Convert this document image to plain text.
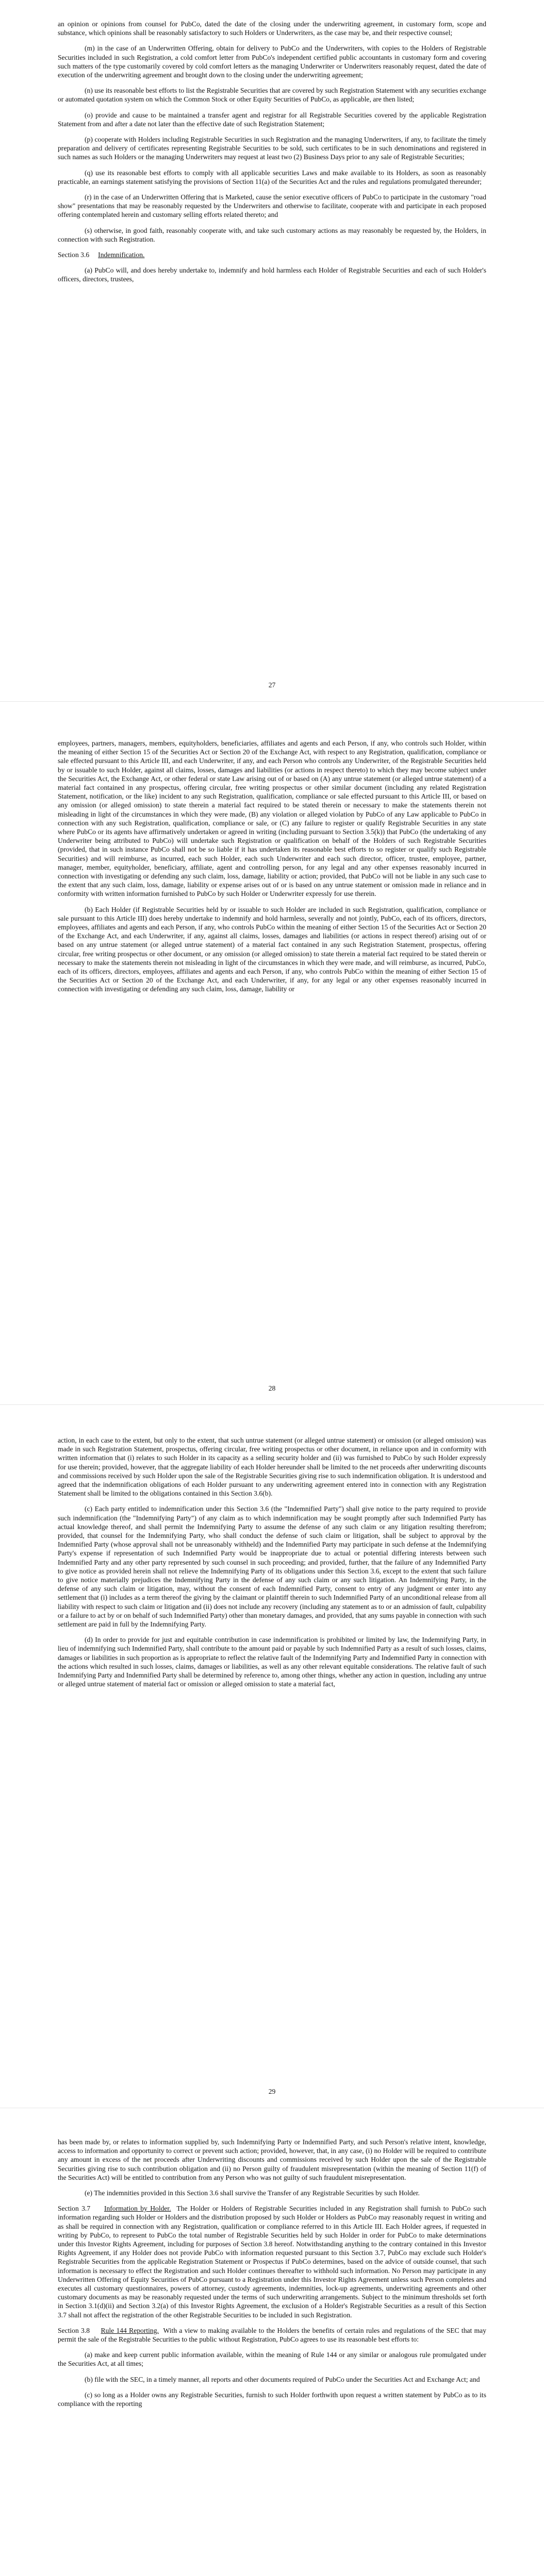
an opinion or opinions from counsel for PubCo, dated the date of the closing under the underwriting agreement, in customary form, scope and substance, which opinions shall be reasonably satisfactory to such Holders or Underwriters, as the case may be, and their respective counsel;

(m) in the case of an Underwritten Offering, obtain for delivery to PubCo and the Underwriters, with copies to the Holders of Registrable Securities included in such Registration, a cold comfort letter from PubCo's independent certified public accountants in customary form and covering such matters of the type customarily covered by cold comfort letters as the managing Underwriter or Underwriters reasonably request, dated the date of execution of the underwriting agreement and brought down to the closing under the underwriting agreement;

(n) use its reasonable best efforts to list the Registrable Securities that are covered by such Registration Statement with any securities exchange or automated quotation system on which the Common Stock or other Equity Securities of PubCo, as applicable, are then listed;

(o) provide and cause to be maintained a transfer agent and registrar for all Registrable Securities covered by the applicable Registration Statement from and after a date not later than the effective date of such Registration Statement;

(p) cooperate with Holders including Registrable Securities in such Registration and the managing Underwriters, if any, to facilitate the timely preparation and delivery of certificates representing Registrable Securities to be sold, such certificates to be in such denominations and registered in such names as such Holders or the managing Underwriters may request at least two (2) Business Days prior to any sale of Registrable Securities;

(q) use its reasonable best efforts to comply with all applicable securities Laws and make available to its Holders, as soon as reasonably practicable, an earnings statement satisfying the provisions of Section 11(a) of the Securities Act and the rules and regulations promulgated thereunder;

(r) in the case of an Underwritten Offering that is Marketed, cause the senior executive officers of PubCo to participate in the customary "road show" presentations that may be reasonably requested by the Underwriters and otherwise to facilitate, cooperate with and participate in each proposed offering contemplated herein and customary selling efforts related thereto; and

(s) otherwise, in good faith, reasonably cooperate with, and take such customary actions as may reasonably be requested by, the Holders, in connection with such Registration.

Section 3.6 Indemnification.

(a) PubCo will, and does hereby undertake to, indemnify and hold harmless each Holder of Registrable Securities and each of such Holder's officers, directors, trustees,

27

employees, partners, managers, members, equityholders, beneficiaries, affiliates and agents and each Person, if any, who controls such Holder, within the meaning of either Section 15 of the Securities Act or Section 20 of the Exchange Act, with respect to any Registration, qualification, compliance or sale effected pursuant to this Article III, and each Underwriter, if any, and each Person who controls any Underwriter, of the Registrable Securities held by or issuable to such Holder, against all claims, losses, damages and liabilities (or actions in respect thereto) to which they may become subject under the Securities Act, the Exchange Act, or other federal or state Law arising out of or based on (A) any untrue statement (or alleged untrue statement) of a material fact contained in any prospectus, offering circular, free writing prospectus or other similar document (including any related Registration Statement, notification, or the like) incident to any such Registration, qualification, compliance or sale effected pursuant to this Article III, or based on any omission (or alleged omission) to state therein a material fact required to be stated therein or necessary to make the statements therein not misleading in light of the circumstances in which they were made, (B) any violation or alleged violation by PubCo of any Law applicable to PubCo in connection with any such Registration, qualification, compliance or sale, or (C) any failure to register or qualify Registrable Securities in any state where PubCo or its agents have affirmatively undertaken or agreed in writing (including pursuant to Section 3.5(k)) that PubCo (the undertaking of any Underwriter being attributed to PubCo) will undertake such Registration or qualification on behalf of the Holders of such Registrable Securities (provided, that in such instance PubCo shall not be so liable if it has undertaken its reasonable best efforts to so register or qualify such Registrable Securities) and will reimburse, as incurred, each such Holder, each such Underwriter and each such director, officer, trustee, employee, partner, manager, member, equityholder, beneficiary, affiliate, agent and controlling person, for any legal and any other expenses reasonably incurred in connection with investigating or defending any such claim, loss, damage, liability or action; provided, that PubCo will not be liable in any such case to the extent that any such claim, loss, damage, liability or expense arises out of or is based on any untrue statement or omission made in reliance and in conformity with written information furnished to PubCo by such Holder or Underwriter expressly for use therein.

(b) Each Holder (if Registrable Securities held by or issuable to such Holder are included in such Registration, qualification, compliance or sale pursuant to this Article III) does hereby undertake to indemnify and hold harmless, severally and not jointly, PubCo, each of its officers, directors, employees, affiliates and agents and each Person, if any, who controls PubCo within the meaning of either Section 15 of the Securities Act or Section 20 of the Exchange Act, and each Underwriter, if any, against all claims, losses, damages and liabilities (or actions in respect thereof) arising out of or based on any untrue statement (or alleged untrue statement) of a material fact contained in any such Registration Statement, prospectus, offering circular, free writing prospectus or other document, or any omission (or alleged omission) to state therein a material fact required to be stated therein or necessary to make the statements therein not misleading in light of the circumstances in which they were made, and will reimburse, as incurred, PubCo, each of its officers, directors, employees, affiliates and agents and each Person, if any, who controls PubCo within the meaning of either Section 15 of the Securities Act or Section 20 of the Exchange Act, and each Underwriter, if any, for any legal or any other expenses reasonably incurred in connection with investigating or defending any such claim, loss, damage, liability or

28

action, in each case to the extent, but only to the extent, that such untrue statement (or alleged untrue statement) or omission (or alleged omission) was made in such Registration Statement, prospectus, offering circular, free writing prospectus or other document, in reliance upon and in conformity with written information that (i) relates to such Holder in its capacity as a selling security holder and (ii) was furnished to PubCo by such Holder expressly for use therein; provided, however, that the aggregate liability of each Holder hereunder shall be limited to the net proceeds after underwriting discounts and commissions received by such Holder upon the sale of the Registrable Securities giving rise to such indemnification obligation. It is understood and agreed that the indemnification obligations of each Holder pursuant to any underwriting agreement entered into in connection with any Registration Statement shall be limited to the obligations contained in this Section 3.6(b).

(c) Each party entitled to indemnification under this Section 3.6 (the "Indemnified Party") shall give notice to the party required to provide such indemnification (the "Indemnifying Party") of any claim as to which indemnification may be sought promptly after such Indemnified Party has actual knowledge thereof, and shall permit the Indemnifying Party to assume the defense of any such claim or any litigation resulting therefrom; provided, that counsel for the Indemnifying Party, who shall conduct the defense of such claim or litigation, shall be subject to approval by the Indemnified Party (whose approval shall not be unreasonably withheld) and the Indemnified Party may participate in such defense at the Indemnifying Party's expense if representation of such Indemnified Party would be inappropriate due to actual or potential differing interests between such Indemnified Party and any other party represented by such counsel in such proceeding; and provided, further, that the failure of any Indemnified Party to give notice as provided herein shall not relieve the Indemnifying Party of its obligations under this Section 3.6, except to the extent that such failure to give notice materially prejudices the Indemnifying Party in the defense of any such claim or any such litigation. An Indemnifying Party, in the defense of any such claim or litigation, may, without the consent of each Indemnified Party, consent to entry of any judgment or enter into any settlement that (i) includes as a term thereof the giving by the claimant or plaintiff therein to such Indemnified Party of an unconditional release from all liability with respect to such claim or litigation and (ii) does not include any recovery (including any statement as to or an admission of fault, culpability or a failure to act by or on behalf of such Indemnified Party) other than monetary damages, and provided, that any sums payable in connection with such settlement are paid in full by the Indemnifying Party.

(d) In order to provide for just and equitable contribution in case indemnification is prohibited or limited by law, the Indemnifying Party, in lieu of indemnifying such Indemnified Party, shall contribute to the amount paid or payable by such Indemnified Party as a result of such losses, claims, damages or liabilities in such proportion as is appropriate to reflect the relative fault of the Indemnifying Party and Indemnified Party in connection with the actions which resulted in such losses, claims, damages or liabilities, as well as any other relevant equitable considerations. The relative fault of such Indemnifying Party and Indemnified Party shall be determined by reference to, among other things, whether any action in question, including any untrue or alleged untrue statement of material fact or omission or alleged omission to state a material fact,

29

has been made by, or relates to information supplied by, such Indemnifying Party or Indemnified Party, and such Person's relative intent, knowledge, access to information and opportunity to correct or prevent such action; provided, however, that, in any case, (i) no Holder will be required to contribute any amount in excess of the net proceeds after Underwriting discounts and commissions received by such Holder upon the sale of the Registrable Securities giving rise to such contribution obligation and (ii) no Person guilty of fraudulent misrepresentation (within the meaning of Section 11(f) of the Securities Act) will be entitled to contribution from any Person who was not guilty of such fraudulent misrepresentation.

(e) The indemnities provided in this Section 3.6 shall survive the Transfer of any Registrable Securities by such Holder.

Section 3.7 Information by Holder. The Holder or Holders of Registrable Securities included in any Registration shall furnish to PubCo such information regarding such Holder or Holders and the distribution proposed by such Holder or Holders as PubCo may reasonably request in writing and as shall be required in connection with any Registration, qualification or compliance referred to in this Article III. Each Holder agrees, if requested in writing by PubCo, to represent to PubCo the total number of Registrable Securities held by such Holder in order for PubCo to make determinations under this Investor Rights Agreement, including for purposes of Section 3.8 hereof. Notwithstanding anything to the contrary contained in this Investor Rights Agreement, if any Holder does not provide PubCo with information requested pursuant to this Section 3.7, PubCo may exclude such Holder's Registrable Securities from the applicable Registration Statement or Prospectus if PubCo determines, based on the advice of outside counsel, that such information is necessary to effect the Registration and such Holder continues thereafter to withhold such information. No Person may participate in any Underwritten Offering of Equity Securities of PubCo pursuant to a Registration under this Investor Rights Agreement unless such Person completes and executes all customary questionnaires, powers of attorney, custody agreements, indemnities, lock-up agreements, underwriting agreements and other customary documents as may be reasonably requested under the terms of such underwriting arrangements. Subject to the minimum thresholds set forth in Section 3.1(d)(ii) and Section 3.2(a) of this Investor Rights Agreement, the exclusion of a Holder's Registrable Securities as a result of this Section 3.7 shall not affect the registration of the other Registrable Securities to be included in such Registration.

Section 3.8 Rule 144 Reporting. With a view to making available to the Holders the benefits of certain rules and regulations of the SEC that may permit the sale of the Registrable Securities to the public without Registration, PubCo agrees to use its reasonable best efforts to:

(a) make and keep current public information available, within the meaning of Rule 144 or any similar or analogous rule promulgated under the Securities Act, at all times;

(b) file with the SEC, in a timely manner, all reports and other documents required of PubCo under the Securities Act and Exchange Act; and

(c) so long as a Holder owns any Registrable Securities, furnish to such Holder forthwith upon request a written statement by PubCo as to its compliance with the reporting
